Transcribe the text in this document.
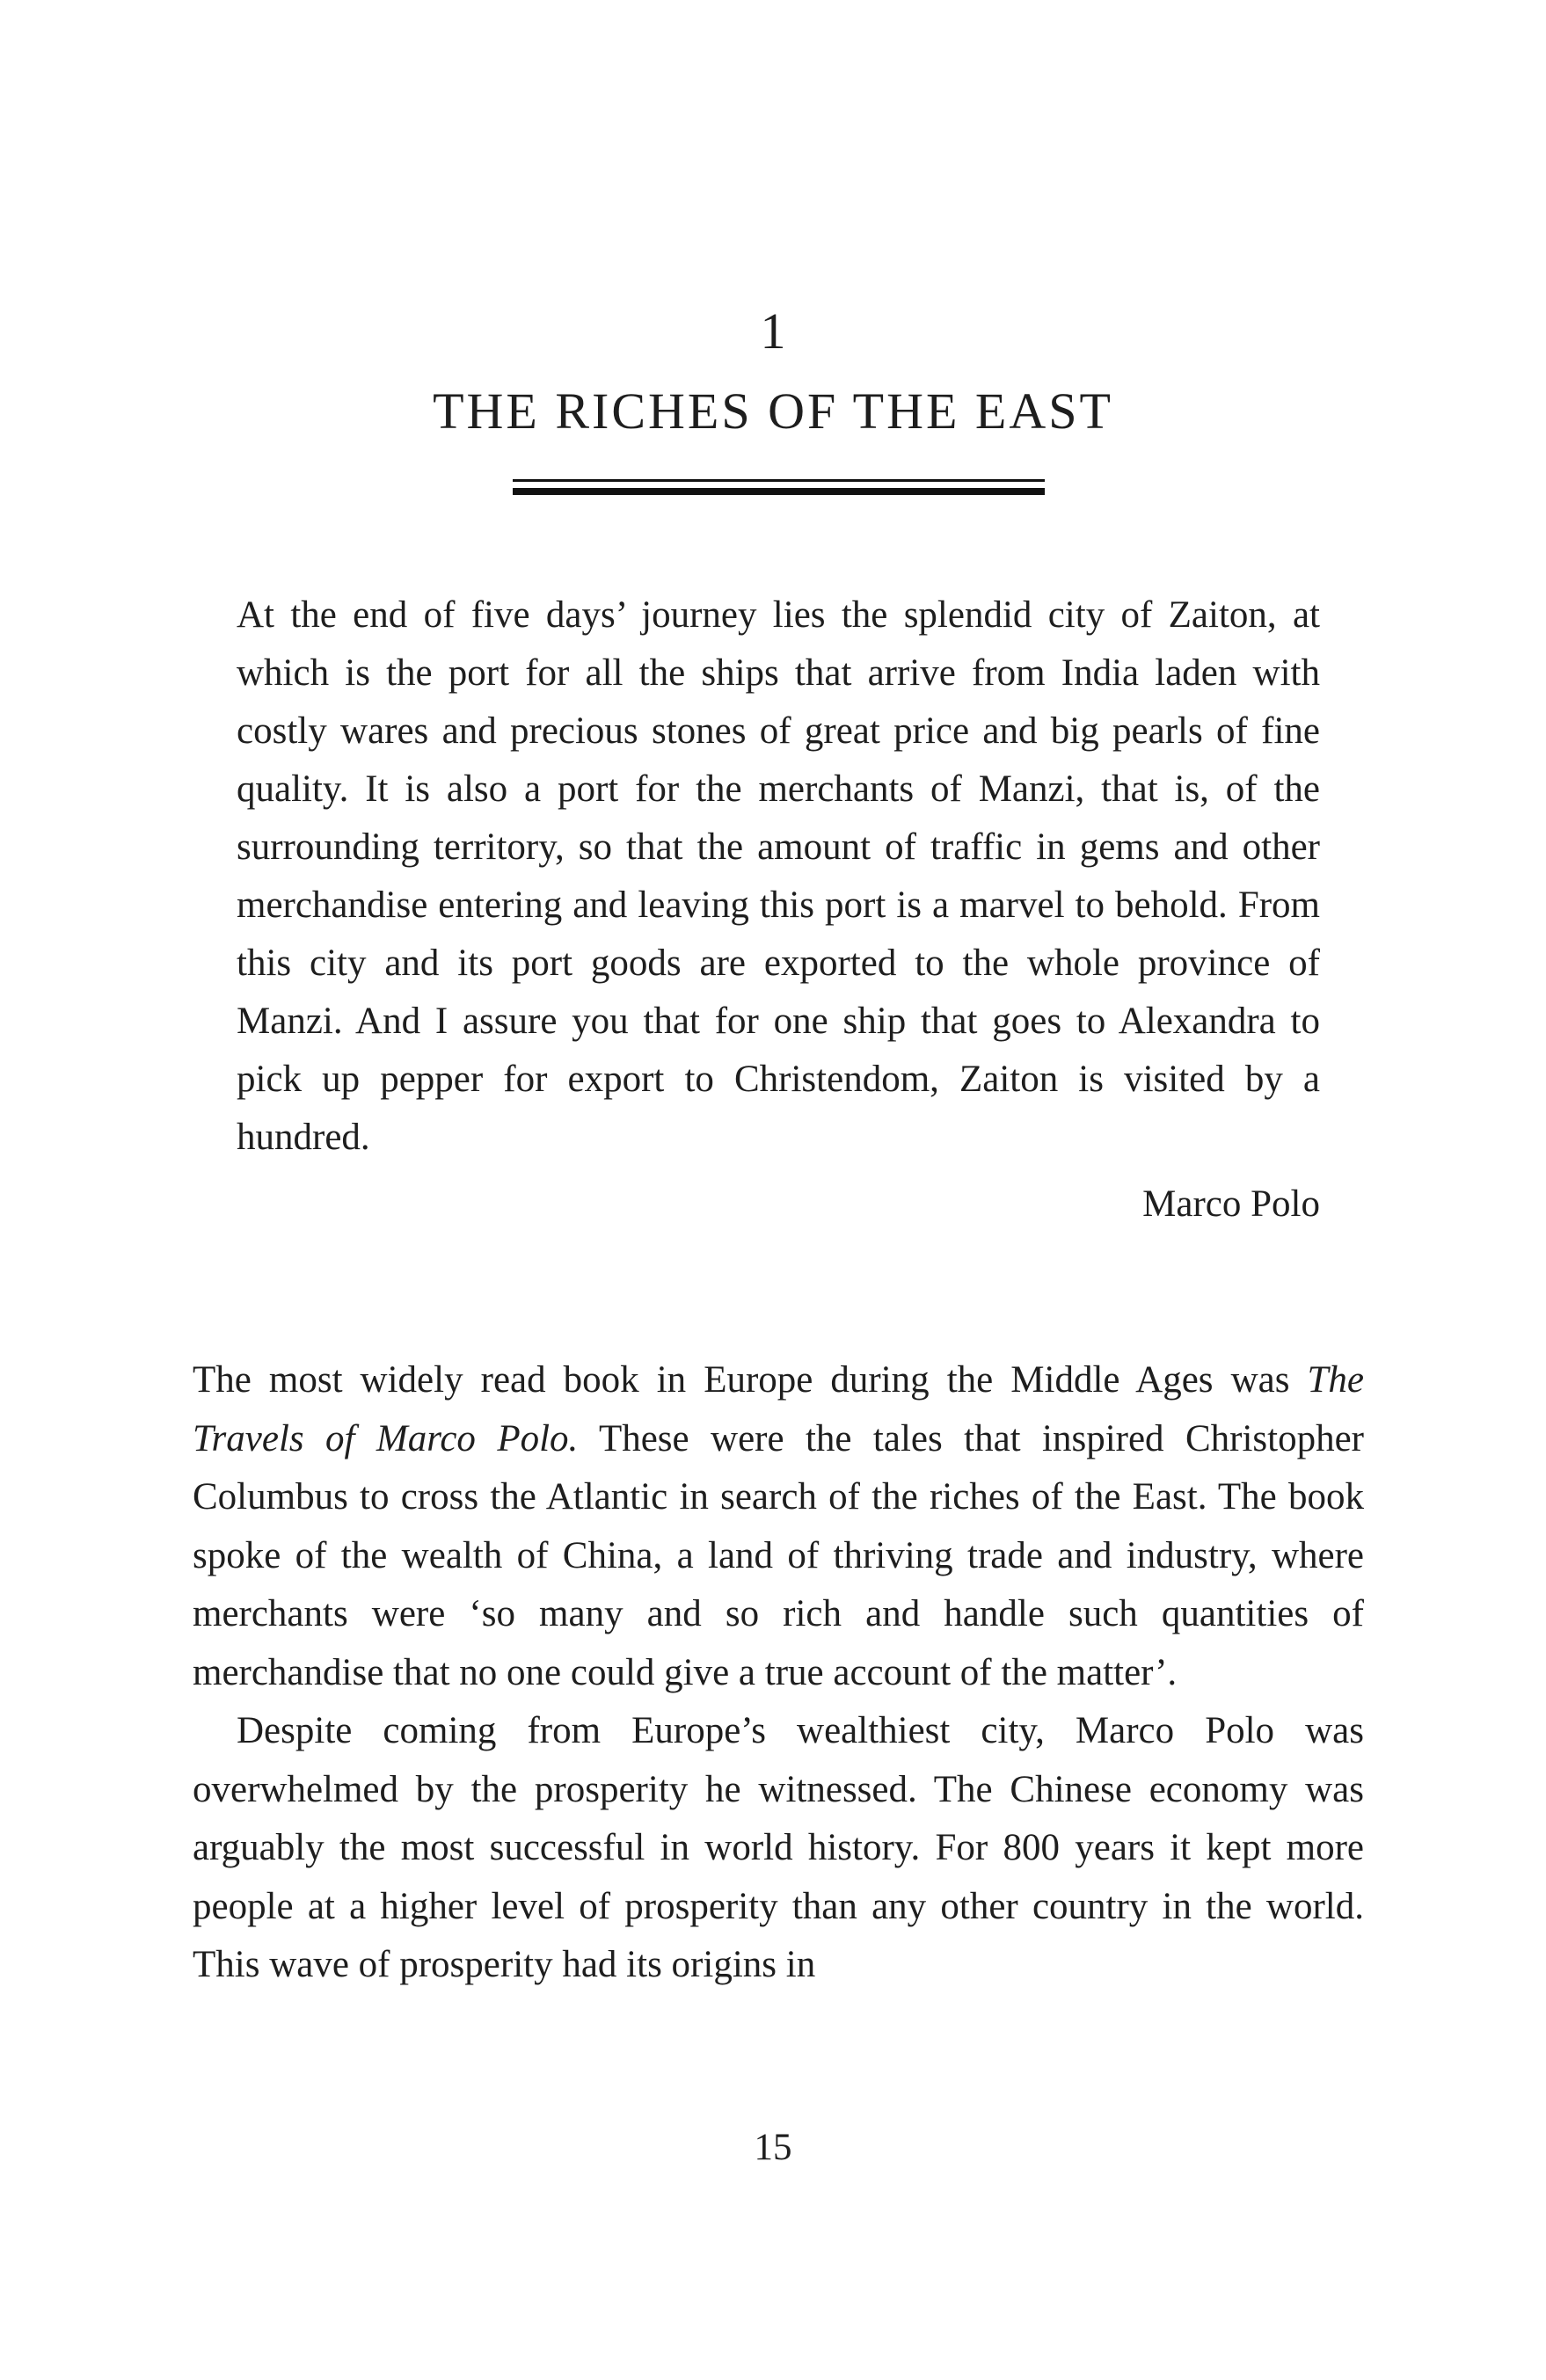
1
THE RICHES OF THE EAST

At the end of five days’ journey lies the splendid city of Zaiton, at which is the port for all the ships that arrive from India laden with costly wares and precious stones of great price and big pearls of fine quality. It is also a port for the merchants of Manzi, that is, of the surrounding territory, so that the amount of traffic in gems and other merchandise entering and leaving this port is a marvel to behold. From this city and its port goods are exported to the whole province of Manzi. And I assure you that for one ship that goes to Alexandra to pick up pepper for export to Christendom, Zaiton is visited by a hundred.

Marco Polo

The most widely read book in Europe during the Middle Ages was The Travels of Marco Polo. These were the tales that inspired Christopher Columbus to cross the Atlantic in search of the riches of the East. The book spoke of the wealth of China, a land of thriving trade and industry, where merchants were ‘so many and so rich and handle such quantities of merchandise that no one could give a true account of the matter’.

Despite coming from Europe’s wealthiest city, Marco Polo was overwhelmed by the prosperity he witnessed. The Chinese economy was arguably the most successful in world history. For 800 years it kept more people at a higher level of prosperity than any other country in the world. This wave of prosperity had its origins in

15
